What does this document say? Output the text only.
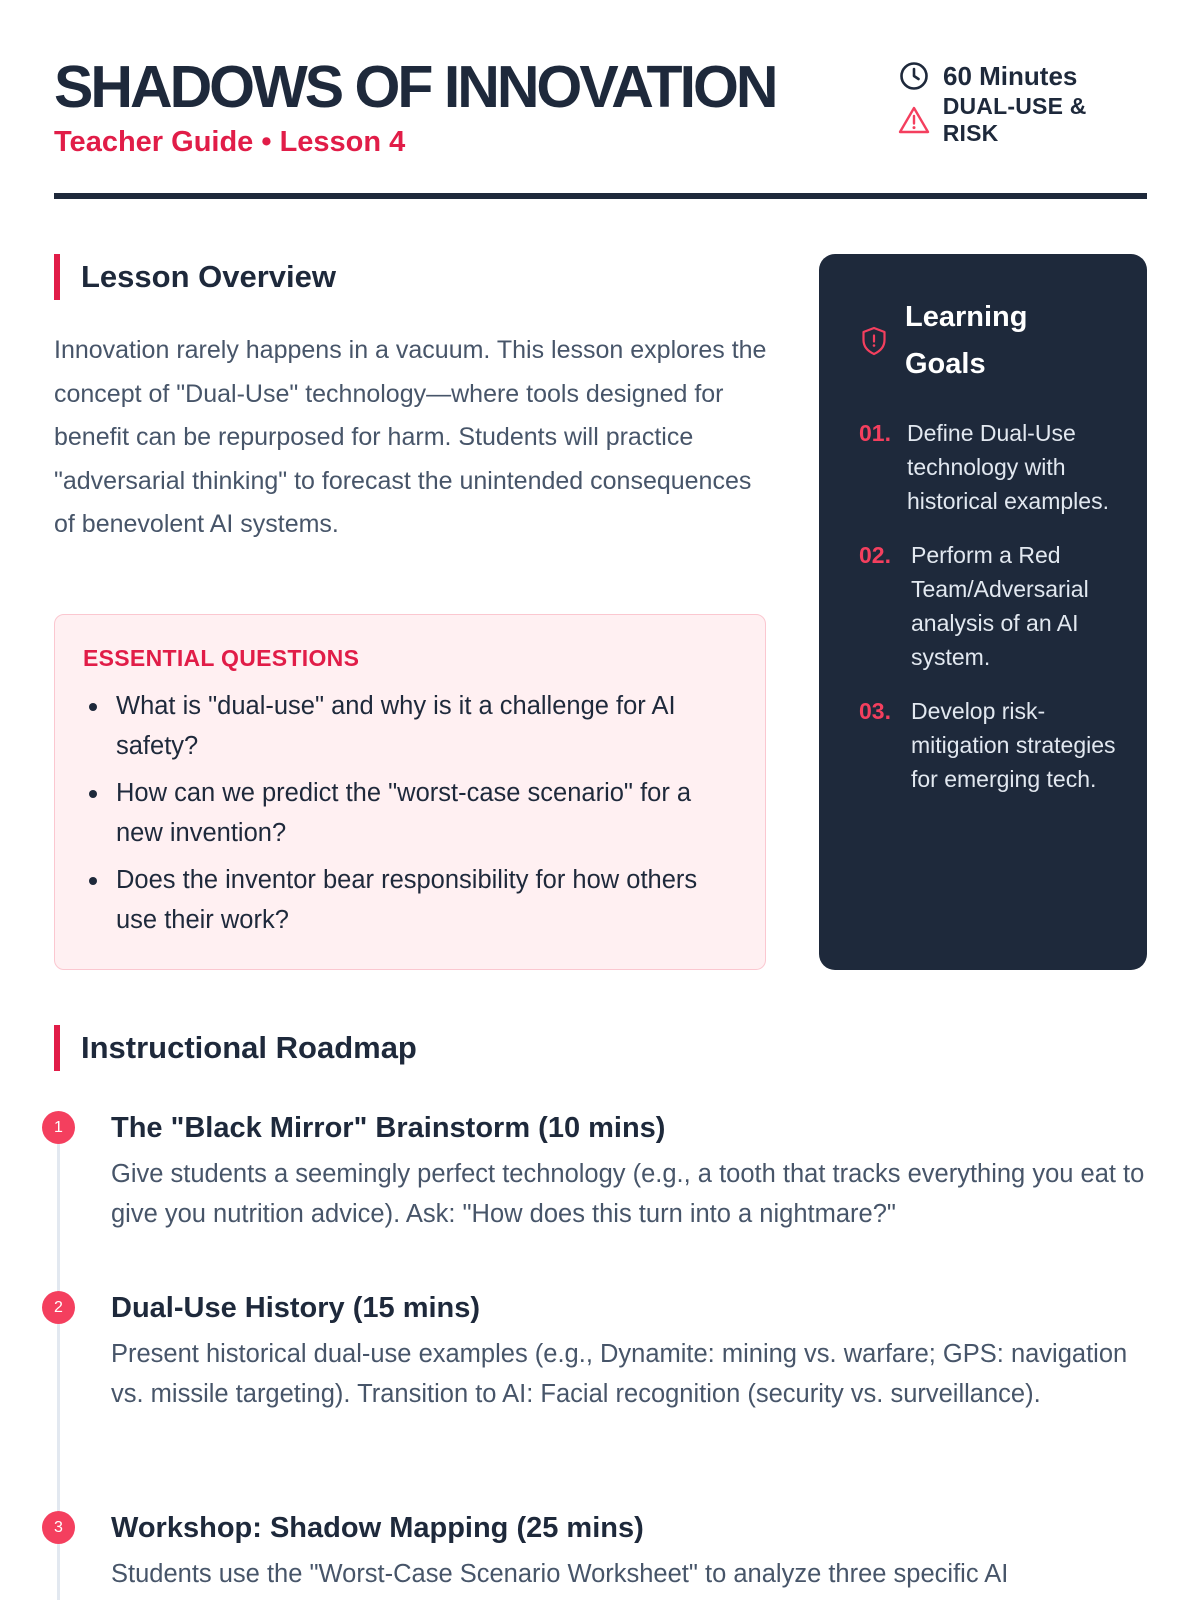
SHADOWS OF INNOVATION
Teacher Guide • Lesson 4
60 Minutes
DUAL-USE & RISK
Lesson Overview

Innovation rarely happens in a vacuum. This lesson explores the concept of "Dual-Use" technology—where tools designed for benefit can be repurposed for harm. Students will practice "adversarial thinking" to forecast the unintended consequences of benevolent AI systems.

ESSENTIAL QUESTIONS
What is "dual-use" and why is it a challenge for AI safety?
How can we predict the "worst-case scenario" for a new invention?
Does the inventor bear responsibility for how others use their work?
Learning Goals
01. Define Dual-Use technology with historical examples.
02. Perform a Red Team/Adversarial analysis of an AI system.
03. Develop risk-mitigation strategies for emerging tech.
Instructional Roadmap
1	The "Black Mirror" Brainstorm (10 mins)
Give students a seemingly perfect technology (e.g., a tooth that tracks everything you eat to give you nutrition advice). Ask: "How does this turn into a nightmare?"
2	Dual-Use History (15 mins)
Present historical dual-use examples (e.g., Dynamite: mining vs. warfare; GPS: navigation vs. missile targeting). Transition to AI: Facial recognition (security vs. surveillance).
3	Workshop: Shadow Mapping (25 mins)
Students use the "Worst-Case Scenario Worksheet" to analyze three specific AI
